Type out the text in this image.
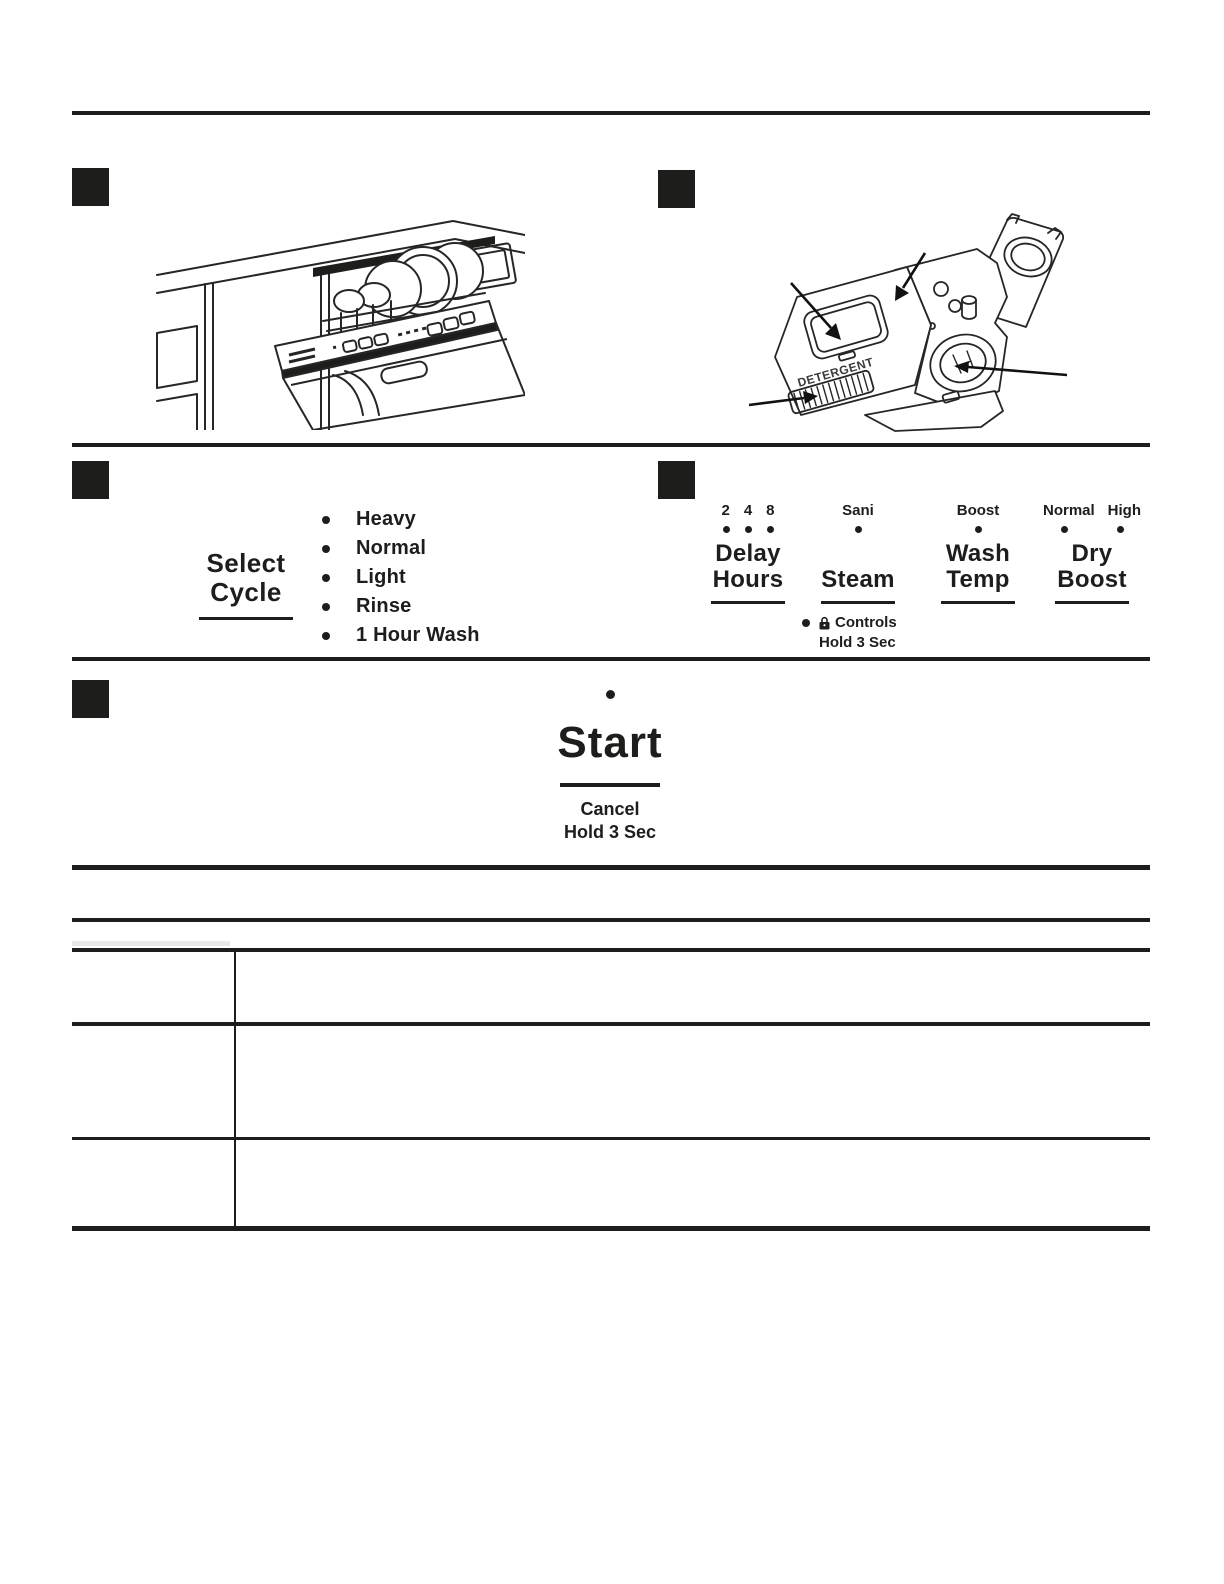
DETERGENT
Select
Cycle
Heavy
Normal
Light
Rinse
1 Hour Wash
2 4 8
Delay
Hours
Sani
Steam
Controls
Hold 3 Sec
Boost
Wash
Temp
Normal High
Dry
Boost
Start
Cancel
Hold 3 Sec
